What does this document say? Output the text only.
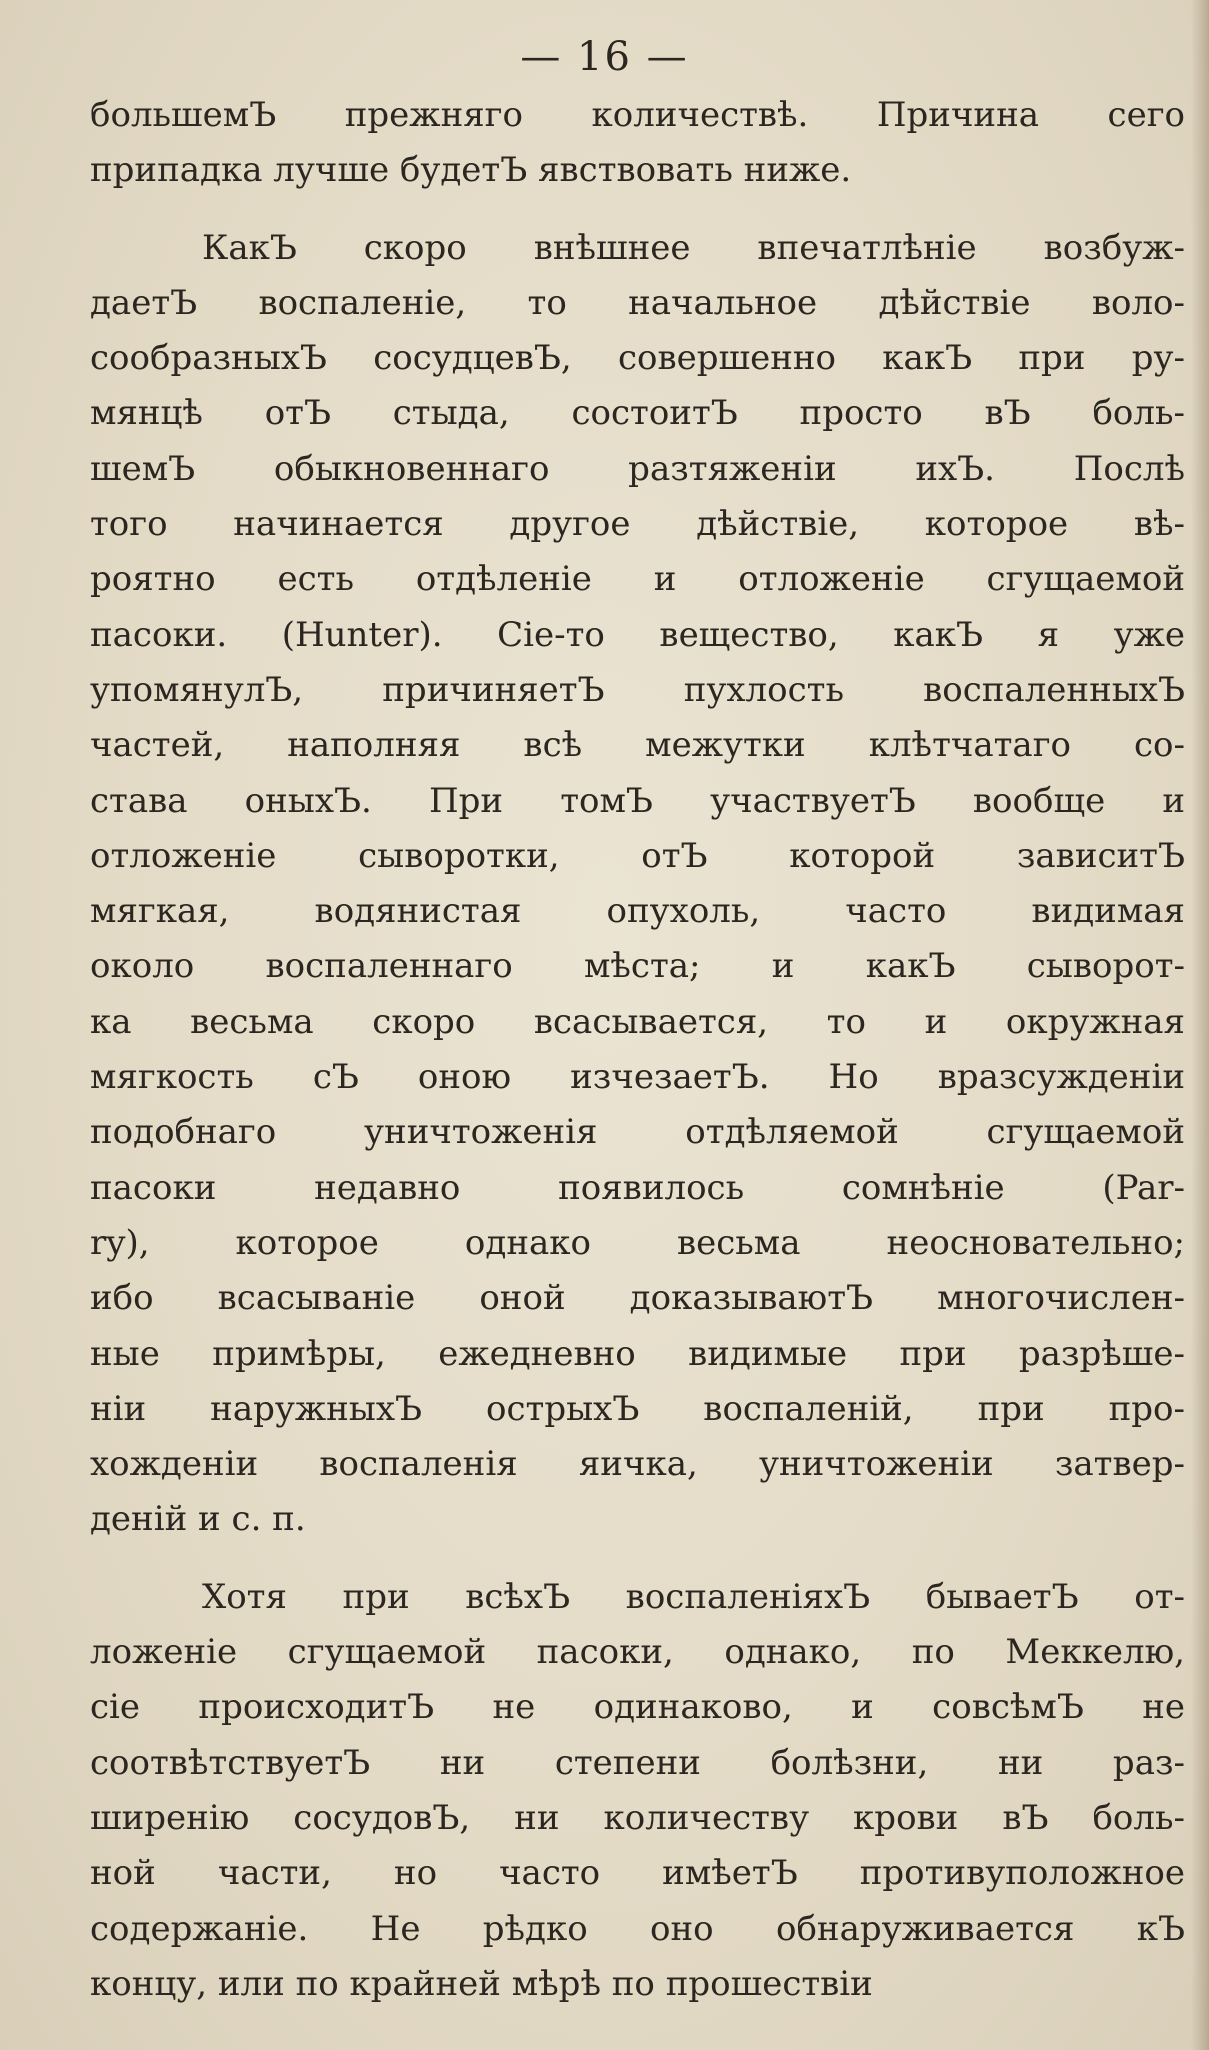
— 16 —
большемЪ прежняго количествѣ. Причина сего
припадка лучше будетЪ явствовать ниже.
КакЪ скоро внѣшнее впечатлѣніе возбуж-
даетЪ воспаленіе, то начальное дѣйствіе воло-
сообразныхЪ сосудцевЪ, совершенно какЪ при ру-
мянцѣ отЪ стыда, состоитЪ просто вЪ боль-
шемЪ обыкновеннаго разтяженіи ихЪ. Послѣ
того начинается другое дѣйствіе, которое вѣ-
роятно есть отдѣленіе и отложеніе сгущаемой
пасоки. (Hunter). Сіе-то вещество, какЪ я уже
упомянулЪ, причиняетЪ пухлость воспаленныхЪ
частей, наполняя всѣ межутки клѣтчатаго со-
става оныхЪ. При томЪ участвуетЪ вообще и
отложеніе сыворотки, отЪ которой зависитЪ
мягкая, водянистая опухоль, часто видимая
около воспаленнаго мѣста; и какЪ сыворот-
ка весьма скоро всасывается, то и окружная
мягкость сЪ оною изчезаетЪ. Но вразсужденіи
подобнаго уничтоженія отдѣляемой сгущаемой
пасоки недавно появилось сомнѣніе (Par-
ry), которое однако весьма неосновательно;
ибо всасываніе оной доказываютЪ многочислен-
ные примѣры, ежедневно видимые при разрѣше-
ніи наружныхЪ острыхЪ воспаленій, при про-
хожденіи воспаленія яичка, уничтоженіи затвер-
деній и с. п.
Хотя при всѣхЪ воспаленіяхЪ бываетЪ от-
ложеніе сгущаемой пасоки, однако, по Меккелю,
сіе происходитЪ не одинаково, и совсѣмЪ не
соотвѣтствуетЪ ни степени болѣзни, ни раз-
ширенію сосудовЪ, ни количеству крови вЪ боль-
ной части, но часто имѣетЪ противуположное
содержаніе. Не рѣдко оно обнаруживается кЪ
концу, или по крайней мѣрѣ по прошествіи
